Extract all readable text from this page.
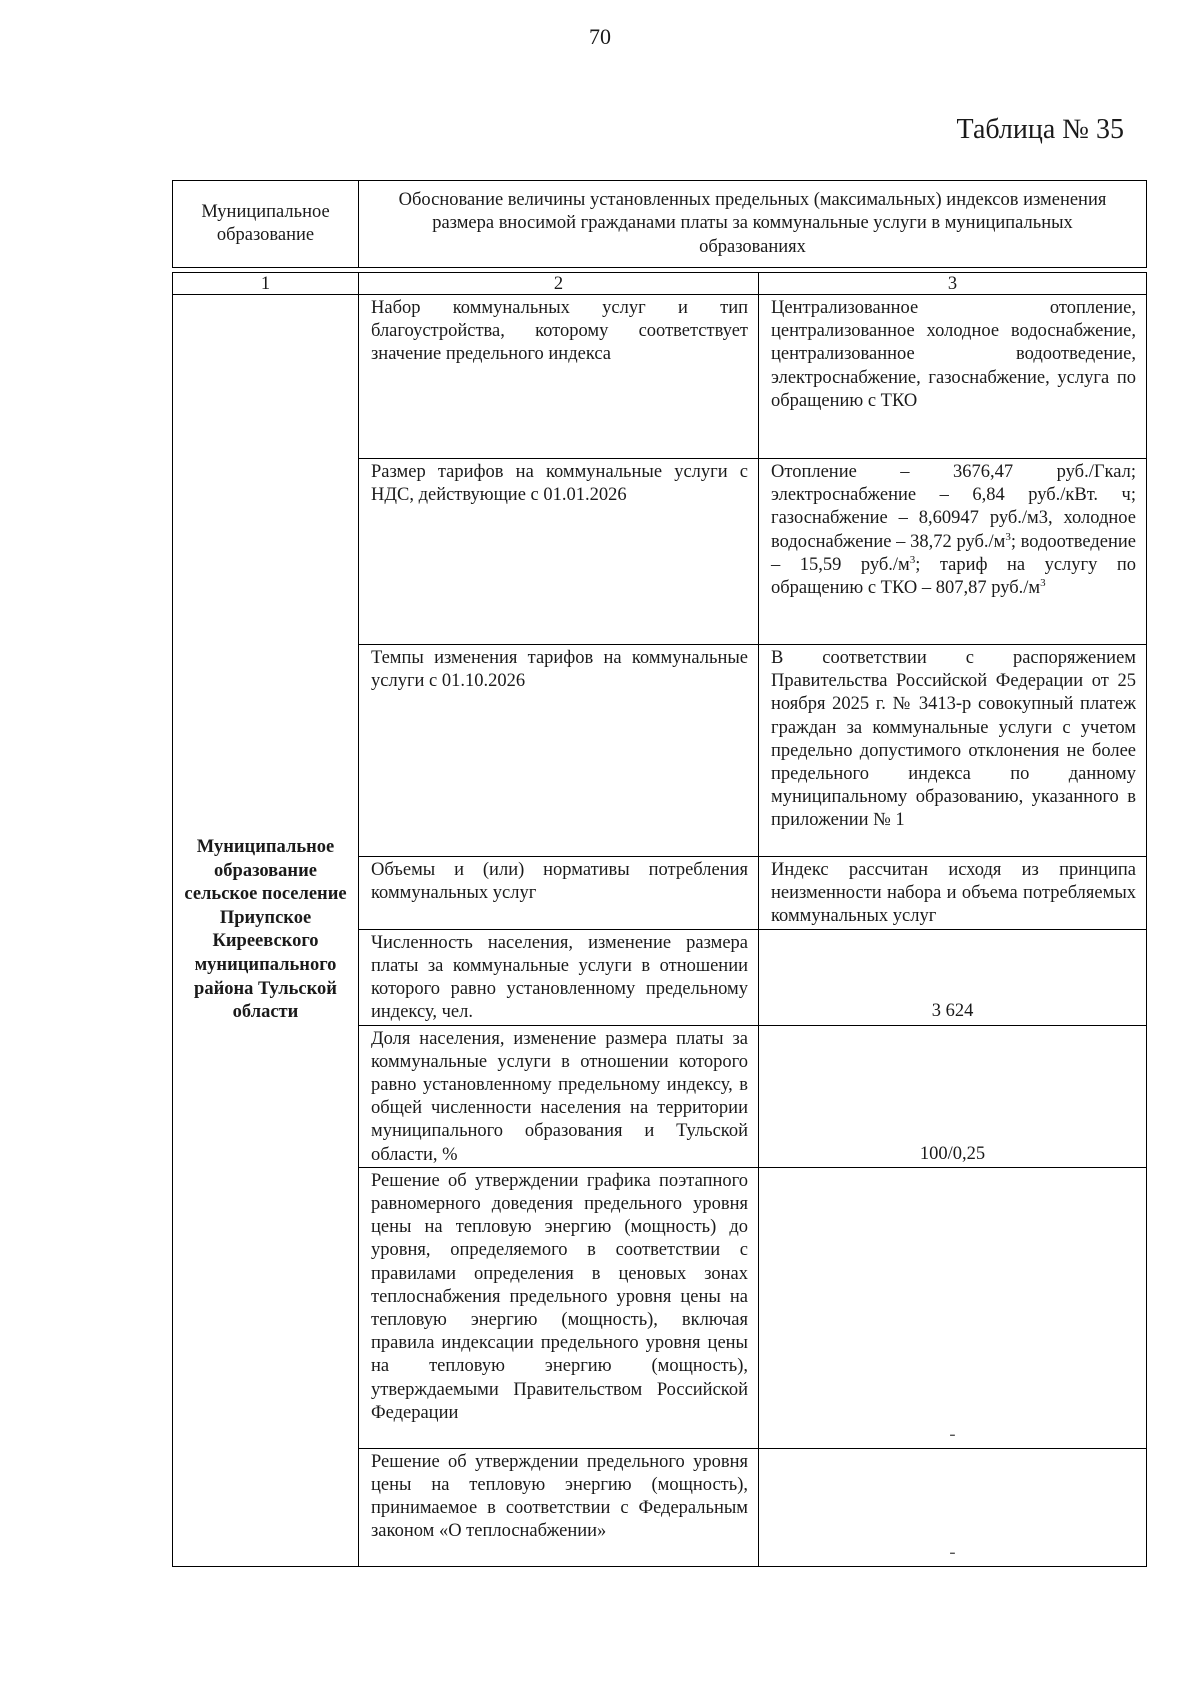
70
Таблица № 35
Муниципальное образование	Обоснование величины установленных предельных (максимальных) индексов изменения размера вносимой гражданами платы за коммунальные услуги в муниципальных образованиях
1	2	3
Муниципальное образование сельское поселение Приупское Киреевского муниципального района Тульской области	Набор коммунальных услуг и тип благоустройства, которому соответствует значение предельного индекса	Централизованное отопление, централизованное холодное водоснабжение, централизованное водоотведение, электроснабжение, газоснабжение, услуга по обращению с ТКО
	Размер тарифов на коммунальные услуги с НДС, действующие с 01.01.2026	Отопление – 3676,47 руб./Гкал; электроснабжение – 6,84 руб./кВт. ч; газоснабжение – 8,60947 руб./м3, холодное водоснабжение – 38,72 $руб./м^3$; водоотведение – 15,59 $руб./м^3$; тариф на услугу по обращению с ТКО – 807,87 $руб./м^3$
	Темпы изменения тарифов на коммунальные услуги с 01.10.2026	В соответствии с распоряжением Правительства Российской Федерации от 25 ноября 2025 г. № 3413-р совокупный платеж граждан за коммунальные услуги с учетом предельно допустимого отклонения не более предельного индекса по данному муниципальному образованию, указанного в приложении № 1
	Объемы и (или) нормативы потребления коммунальных услуг	Индекс рассчитан исходя из принципа неизменности набора и объема потребляемых коммунальных услуг
	Численность населения, изменение размера платы за коммунальные услуги в отношении которого равно установленному предельному индексу, чел.	3 624
	Доля населения, изменение размера платы за коммунальные услуги в отношении которого равно установленному предельному индексу, в общей численности населения на территории муниципального образования и Тульской области, %	100/0,25
	Решение об утверждении графика поэтапного равномерного доведения предельного уровня цены на тепловую энергию (мощность) до уровня, определяемого в соответствии с правилами определения в ценовых зонах теплоснабжения предельного уровня цены на тепловую энергию (мощность), включая правила индексации предельного уровня цены на тепловую энергию (мощность), утверждаемыми Правительством Российской Федерации	-
	Решение об утверждении предельного уровня цены на тепловую энергию (мощность), принимаемое в соответствии с Федеральным законом «О теплоснабжении»	-
